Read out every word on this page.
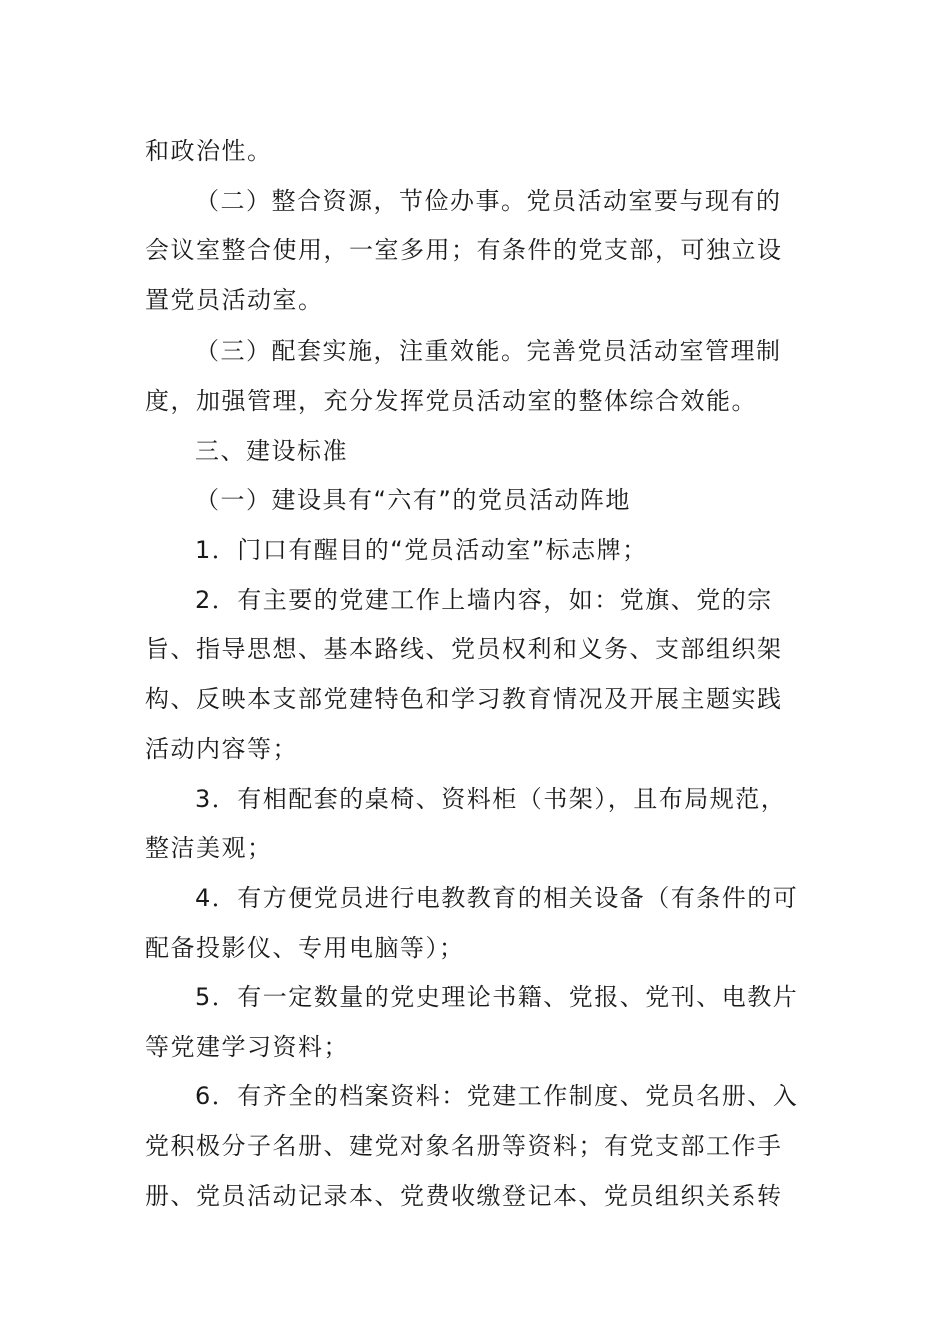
和政治性。
（二）整合资源，节俭办事。党员活动室要与现有的
会议室整合使用，一室多用；有条件的党支部，可独立设
置党员活动室。
（三）配套实施，注重效能。完善党员活动室管理制
度，加强管理，充分发挥党员活动室的整体综合效能。
三、建设标准
（一）建设具有“六有”的党员活动阵地
1．门口有醒目的“党员活动室”标志牌；
2．有主要的党建工作上墙内容，如：党旗、党的宗
旨、指导思想、基本路线、党员权利和义务、支部组织架
构、反映本支部党建特色和学习教育情况及开展主题实践
活动内容等；
3．有相配套的桌椅、资料柜（书架），且布局规范，
整洁美观；
4．有方便党员进行电教教育的相关设备（有条件的可
配备投影仪、专用电脑等）；
5．有一定数量的党史理论书籍、党报、党刊、电教片
等党建学习资料；
6．有齐全的档案资料：党建工作制度、党员名册、入
党积极分子名册、建党对象名册等资料；有党支部工作手
册、党员活动记录本、党费收缴登记本、党员组织关系转
